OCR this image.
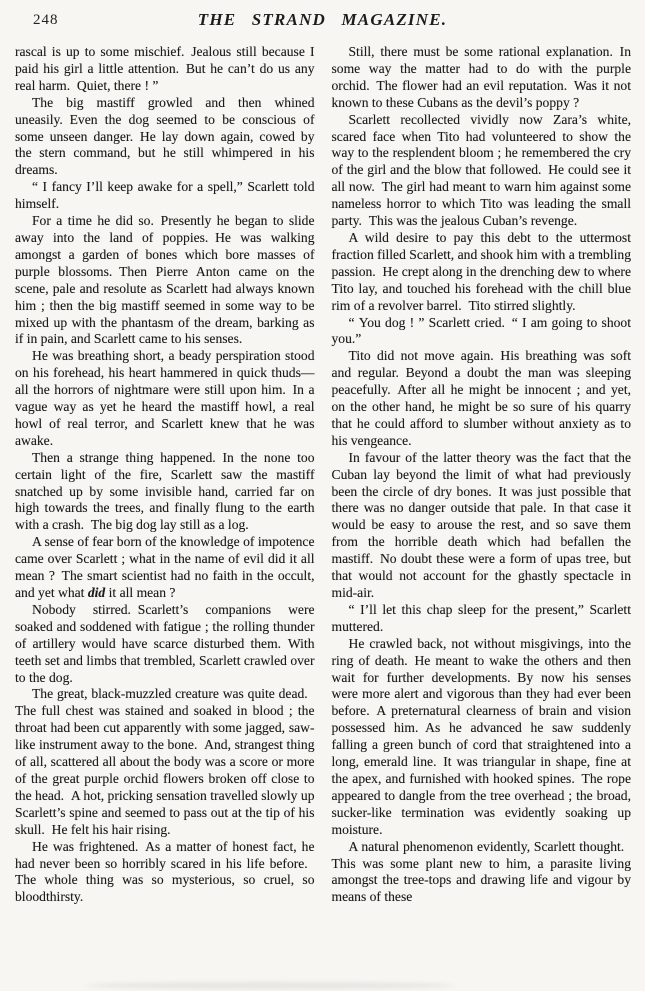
248	THE STRAND MAGAZINE.

rascal is up to some mischief. Jealous still because I paid his girl a little attention. But he can’t do us any real harm. Quiet, there ! ”

The big mastiff growled and then whined uneasily. Even the dog seemed to be conscious of some unseen danger. He lay down again, cowed by the stern command, but he still whimpered in his dreams.

“ I fancy I’ll keep awake for a spell,” Scarlett told himself.

For a time he did so. Presently he began to slide away into the land of poppies. He was walking amongst a garden of bones which bore masses of purple blossoms. Then Pierre Anton came on the scene, pale and resolute as Scarlett had always known him ; then the big mastiff seemed in some way to be mixed up with the phantasm of the dream, barking as if in pain, and Scarlett came to his senses.

He was breathing short, a beady perspiration stood on his forehead, his heart hammered in quick thuds—all the horrors of nightmare were still upon him. In a vague way as yet he heard the mastiff howl, a real howl of real terror, and Scarlett knew that he was awake.

Then a strange thing happened. In the none too certain light of the fire, Scarlett saw the mastiff snatched up by some invisible hand, carried far on high towards the trees, and finally flung to the earth with a crash. The big dog lay still as a log.

A sense of fear born of the knowledge of impotence came over Scarlett ; what in the name of evil did it all mean ? The smart scientist had no faith in the occult, and yet what did it all mean ?

Nobody stirred. Scarlett’s companions were soaked and soddened with fatigue ; the rolling thunder of artillery would have scarce disturbed them. With teeth set and limbs that trembled, Scarlett crawled over to the dog.

The great, black-muzzled creature was quite dead. The full chest was stained and soaked in blood ; the throat had been cut apparently with some jagged, saw-like instrument away to the bone. And, strangest thing of all, scattered all about the body was a score or more of the great purple orchid flowers broken off close to the head. A hot, pricking sensation travelled slowly up Scarlett’s spine and seemed to pass out at the tip of his skull. He felt his hair rising.

He was frightened. As a matter of honest fact, he had never been so horribly scared in his life before. The whole thing was so mysterious, so cruel, so bloodthirsty.

Still, there must be some rational explanation. In some way the matter had to do with the purple orchid. The flower had an evil reputation. Was it not known to these Cubans as the devil’s poppy ?

Scarlett recollected vividly now Zara’s white, scared face when Tito had volunteered to show the way to the resplendent bloom ; he remembered the cry of the girl and the blow that followed. He could see it all now. The girl had meant to warn him against some nameless horror to which Tito was leading the small party. This was the jealous Cuban’s revenge.

A wild desire to pay this debt to the uttermost fraction filled Scarlett, and shook him with a trembling passion. He crept along in the drenching dew to where Tito lay, and touched his forehead with the chill blue rim of a revolver barrel. Tito stirred slightly.

“ You dog ! ” Scarlett cried. “ I am going to shoot you.”

Tito did not move again. His breathing was soft and regular. Beyond a doubt the man was sleeping peacefully. After all he might be innocent ; and yet, on the other hand, he might be so sure of his quarry that he could afford to slumber without anxiety as to his vengeance.

In favour of the latter theory was the fact that the Cuban lay beyond the limit of what had previously been the circle of dry bones. It was just possible that there was no danger outside that pale. In that case it would be easy to arouse the rest, and so save them from the horrible death which had befallen the mastiff. No doubt these were a form of upas tree, but that would not account for the ghastly spectacle in mid-air.

“ I’ll let this chap sleep for the present,” Scarlett muttered.

He crawled back, not without misgivings, into the ring of death. He meant to wake the others and then wait for further developments. By now his senses were more alert and vigorous than they had ever been before. A preternatural clearness of brain and vision possessed him. As he advanced he saw suddenly falling a green bunch of cord that straightened into a long, emerald line. It was triangular in shape, fine at the apex, and furnished with hooked spines. The rope appeared to dangle from the tree overhead ; the broad, sucker-like termination was evidently soaking up moisture.

A natural phenomenon evidently, Scarlett thought. This was some plant new to him, a parasite living amongst the tree-tops and drawing life and vigour by means of these
